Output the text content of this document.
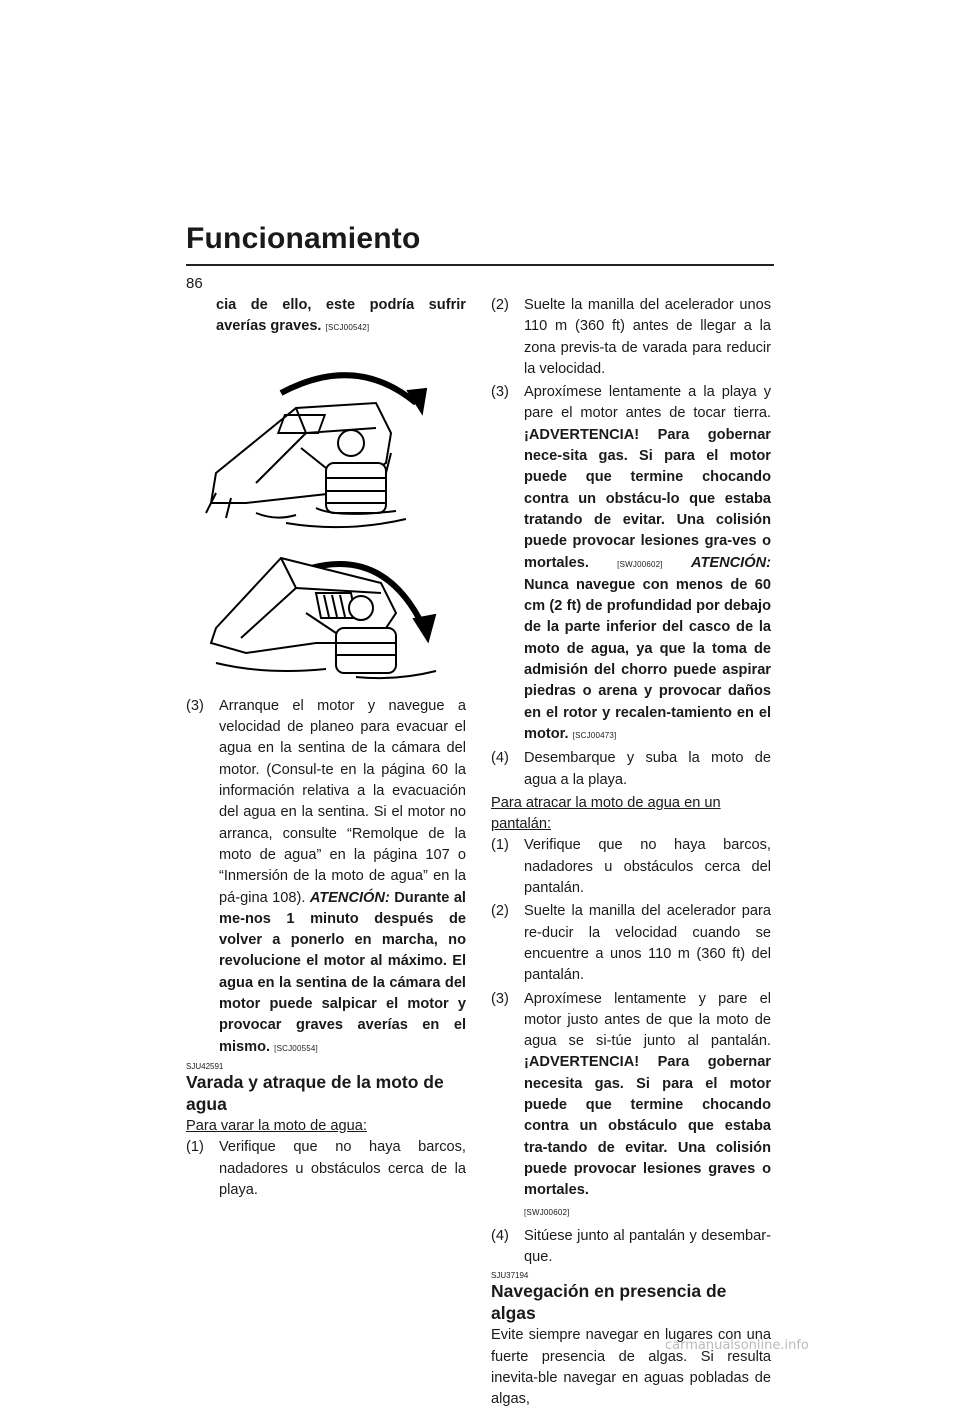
Funcionamiento
86

cia de ello, este podría sufrir averías graves. [SCJ00542]

(3)	Arranque el motor y navegue a velocidad de planeo para evacuar el agua en la sentina de la cámara del motor. (Consul-te en la página 60 la información relativa a la evacuación del agua en la sentina. Si el motor no arranca, consulte “Remolque de la moto de agua” en la página 107 o “Inmersión de la moto de agua” en la pá-gina 108). ATENCIÓN: Durante al me-nos 1 minuto después de volver a ponerlo en marcha, no revolucione el motor al máximo. El agua en la sentina de la cámara del motor puede salpicar el motor y provocar graves averías en el mismo. [SCJ00554]
SJU42591
Varada y atraque de la moto de agua

Para varar la moto de agua:

(1)	Verifique que no haya barcos, nadadores u obstáculos cerca de la playa.
(2)	Suelte la manilla del acelerador unos 110 m (360 ft) antes de llegar a la zona previs-ta de varada para reducir la velocidad.
(3)	Aproxímese lentamente a la playa y pare el motor antes de tocar tierra. ¡ADVERTENCIA! Para gobernar nece-sita gas. Si para el motor puede que termine chocando contra un obstácu-lo que estaba tratando de evitar. Una colisión puede provocar lesiones gra-ves o mortales.	[SWJ00602] ATENCIÓN: Nunca navegue con menos de 60 cm (2 ft) de profundidad por debajo de la parte inferior del casco de la moto de agua, ya que la toma de admisión del chorro puede aspirar piedras o arena y provocar daños en el rotor y recalen-tamiento en el motor. [SCJ00473]
(4)	Desembarque y suba la moto de agua a la playa.

Para atracar la moto de agua en un pantalán:

(1)	Verifique que no haya barcos, nadadores u obstáculos cerca del pantalán.
(2)	Suelte la manilla del acelerador para re-ducir la velocidad cuando se encuentre a unos 110 m (360 ft) del pantalán.
(3)	Aproxímese lentamente y pare el motor justo antes de que la moto de agua se si-túe junto al pantalán. ¡ADVERTENCIA! Para gobernar necesita gas. Si para el motor puede que termine chocando contra un obstáculo que estaba tra-tando de evitar. Una colisión puede provocar lesiones graves o mortales.
[SWJ00602]
(4)	Sitúese junto al pantalán y desembar-que.
SJU37194
Navegación en presencia de algas

Evite siempre navegar en lugares con una fuerte presencia de algas. Si resulta inevita-ble navegar en aguas pobladas de algas,

carmanualsonline.info
